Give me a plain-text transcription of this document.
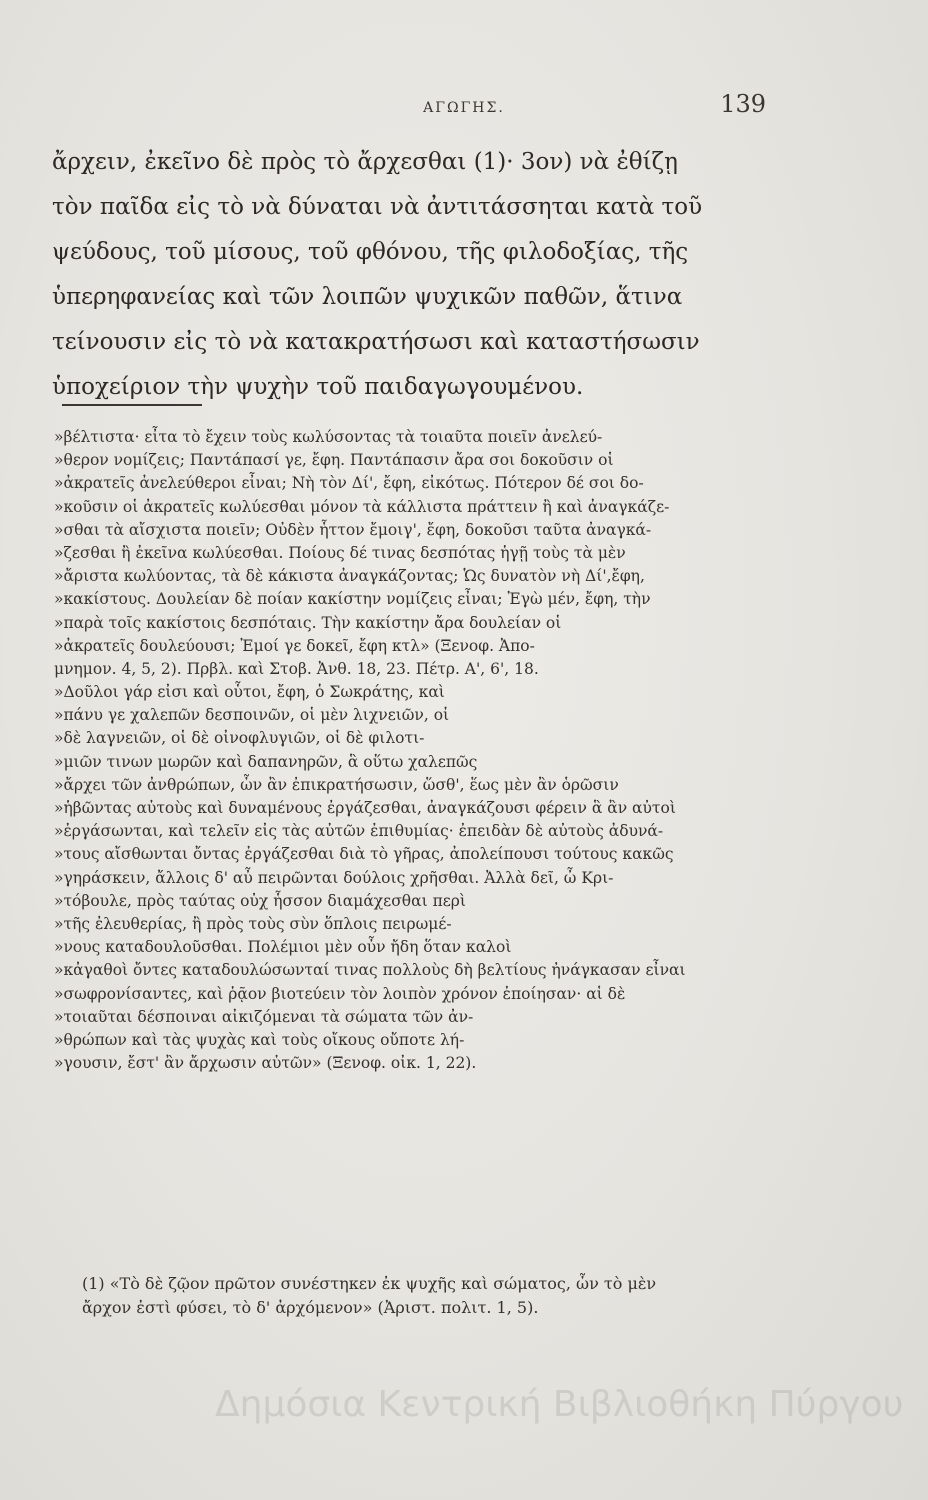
ΑΓΩΓΗΣ.	139
ἄρχειν, ἐκεῖνο δὲ πρὸς τὸ ἄρχεσθαι (1)· 3ον) νὰ ἐθίζῃ
τὸν παῖδα εἰς τὸ νὰ δύναται νὰ ἀντιτάσσηται κατὰ τοῦ
ψεύδους, τοῦ μίσους, τοῦ φθόνου, τῆς φιλοδοξίας, τῆς
ὑπερηφανείας καὶ τῶν λοιπῶν ψυχικῶν παθῶν, ἅτινα
τείνουσιν εἰς τὸ νὰ κατακρατήσωσι καὶ καταστήσωσιν
ὑποχείριον τὴν ψυχὴν τοῦ παιδαγωγουμένου.
»βέλτιστα· εἶτα τὸ ἔχειν τοὺς κωλύσοντας τὰ τοιαῦτα ποιεῖν ἀνελεύ-
»θερον νομίζεις; Παντάπασί γε, ἔφη. Παντάπασιν ἄρα σοι δοκοῦσιν οἱ
»ἀκρατεῖς ἀνελεύθεροι εἶναι; Νὴ τὸν Δί', ἔφη, εἰκότως. Πότερον δέ σοι δο-
»κοῦσιν οἱ ἀκρατεῖς κωλύεσθαι μόνον τὰ κάλλιστα πράττειν ἢ καὶ ἀναγκάζε-
»σθαι τὰ αἴσχιστα ποιεῖν; Οὐδὲν ἧττον ἔμοιγ', ἔφη, δοκοῦσι ταῦτα ἀναγκά-
»ζεσθαι ἢ ἐκεῖνα κωλύεσθαι. Ποίους δέ τινας δεσπότας ἡγῇ τοὺς τὰ μὲν
»ἄριστα κωλύοντας, τὰ δὲ κάκιστα ἀναγκάζοντας; Ὡς δυνατὸν νὴ Δί',ἔφη,
»κακίστους. Δουλείαν δὲ ποίαν κακίστην νομίζεις εἶναι; Ἐγὼ μέν, ἔφη, τὴν
»παρὰ τοῖς κακίστοις δεσπόταις. Τὴν κακίστην ἄρα δουλείαν οἱ
»ἀκρατεῖς δουλεύουσι; Ἐμοί γε δοκεῖ, ἔφη κτλ» (Ξενοφ. Ἀπο-
μνημον. 4, 5, 2). Πρβλ. καὶ Στοβ. Ἀνθ. 18, 23. Πέτρ. Α', 6', 18.
»Δοῦλοι γάρ εἰσι καὶ οὗτοι, ἔφη, ὁ Σωκράτης, καὶ
»πάνυ γε χαλεπῶν δεσποινῶν, οἱ μὲν λιχνειῶν, οἱ
»δὲ λαγνειῶν, οἱ δὲ οἰνοφλυγιῶν, οἱ δὲ φιλοτι-
»μιῶν τινων μωρῶν καὶ δαπανηρῶν, ἃ οὕτω χαλεπῶς
»ἄρχει τῶν ἀνθρώπων, ὧν ἂν ἐπικρατήσωσιν, ὥσθ', ἕως μὲν ἂν ὁρῶσιν
»ἡβῶντας αὐτοὺς καὶ δυναμένους ἐργάζεσθαι, ἀναγκάζουσι φέρειν ἃ ἂν αὐτοὶ
»ἐργάσωνται, καὶ τελεῖν εἰς τὰς αὐτῶν ἐπιθυμίας· ἐπειδὰν δὲ αὐτοὺς ἀδυνά-
»τους αἴσθωνται ὄντας ἐργάζεσθαι διὰ τὸ γῆρας, ἀπολείπουσι τούτους κακῶς
»γηράσκειν, ἄλλοις δ' αὖ πειρῶνται δούλοις χρῆσθαι. Ἀλλὰ δεῖ, ὦ Κρι-
»τόβουλε, πρὸς ταύτας οὐχ ἧσσον διαμάχεσθαι περὶ
»τῆς ἐλευθερίας, ἢ πρὸς τοὺς σὺν ὅπλοις πειρωμέ-
»νους καταδουλοῦσθαι. Πολέμιοι μὲν οὖν ἤδη ὅταν καλοὶ
»κἀγαθοὶ ὄντες καταδουλώσωνταί τινας πολλοὺς δὴ βελτίους ἠνάγκασαν εἶναι
»σωφρονίσαντες, καὶ ῥᾷον βιοτεύειν τὸν λοιπὸν χρόνον ἐποίησαν· αἱ δὲ
»τοιαῦται δέσποιναι αἰκιζόμεναι τὰ σώματα τῶν ἀν-
»θρώπων καὶ τὰς ψυχὰς καὶ τοὺς οἴκους οὔποτε λή-
»γουσιν, ἔστ' ἂν ἄρχωσιν αὐτῶν» (Ξενοφ. οἰκ. 1, 22).
(1) «Τὸ δὲ ζῷον πρῶτον συνέστηκεν ἐκ ψυχῆς καὶ σώματος, ὧν τὸ μὲν
ἄρχον ἐστὶ φύσει, τὸ δ' ἀρχόμενον» (Ἀριστ. πολιτ. 1, 5).
Δημόσια Κεντρική Βιβλιοθήκη Πύργου
